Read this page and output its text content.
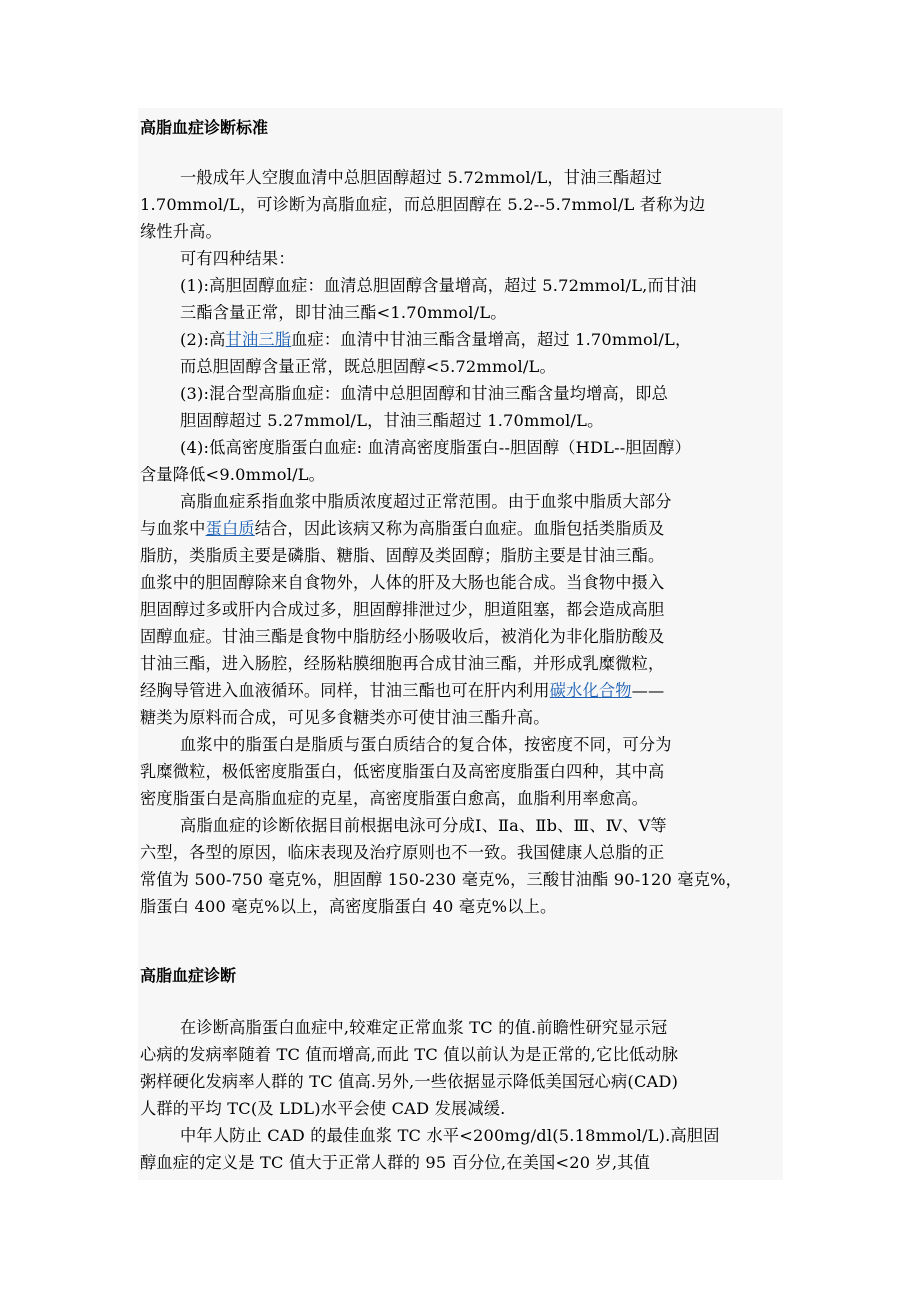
高脂血症诊断标准

一般成年人空腹血清中总胆固醇超过 5.72mmol/L，甘油三酯超过

1.70mmol/L，可诊断为高脂血症，而总胆固醇在 5.2--5.7mmol/L 者称为边

缘性升高。

可有四种结果：

(1):高胆固醇血症：血清总胆固醇含量增高，超过 5.72mmol/L,而甘油

三酯含量正常，即甘油三酯<1.70mmol/L。

(2):高甘油三脂血症：血清中甘油三酯含量增高，超过 1.70mmol/L，

而总胆固醇含量正常，既总胆固醇<5.72mmol/L。

(3):混合型高脂血症：血清中总胆固醇和甘油三酯含量均增高，即总

胆固醇超过 5.27mmol/L，甘油三酯超过 1.70mmol/L。

(4):低高密度脂蛋白血症: 血清高密度脂蛋白--胆固醇（HDL--胆固醇）

含量降低<9.0mmol/L。

高脂血症系指血浆中脂质浓度超过正常范围。由于血浆中脂质大部分

与血浆中蛋白质结合，因此该病又称为高脂蛋白血症。血脂包括类脂质及

脂肪，类脂质主要是磷脂、糖脂、固醇及类固醇；脂肪主要是甘油三酯。

血浆中的胆固醇除来自食物外，人体的肝及大肠也能合成。当食物中摄入

胆固醇过多或肝内合成过多，胆固醇排泄过少，胆道阻塞，都会造成高胆

固醇血症。甘油三酯是食物中脂肪经小肠吸收后，被消化为非化脂肪酸及

甘油三酯，进入肠腔，经肠粘膜细胞再合成甘油三酯，并形成乳糜微粒，

经胸导管进入血液循环。同样，甘油三酯也可在肝内利用碳水化合物——

糖类为原料而合成，可见多食糖类亦可使甘油三酯升高。

血浆中的脂蛋白是脂质与蛋白质结合的复合体，按密度不同，可分为

乳糜微粒，极低密度脂蛋白，低密度脂蛋白及高密度脂蛋白四种，其中高

密度脂蛋白是高脂血症的克星，高密度脂蛋白愈高，血脂利用率愈高。

高脂血症的诊断依据目前根据电泳可分成Ⅰ、Ⅱa、Ⅱb、Ⅲ、Ⅳ、Ⅴ等

六型，各型的原因，临床表现及治疗原则也不一致。我国健康人总脂的正

常值为 500-750 毫克%，胆固醇 150-230 毫克%，三酸甘油酯 90-120 毫克%，

脂蛋白 400 毫克%以上，高密度脂蛋白 40 毫克%以上。

高脂血症诊断

在诊断高脂蛋白血症中,较难定正常血浆 TC 的值.前瞻性研究显示冠

心病的发病率随着 TC 值而增高,而此 TC 值以前认为是正常的,它比低动脉

粥样硬化发病率人群的 TC 值高.另外,一些依据显示降低美国冠心病(CAD)

人群的平均 TC(及 LDL)水平会使 CAD 发展减缓.

中年人防止 CAD 的最佳血浆 TC 水平<200mg/dl(5.18mmol/L).高胆固

醇血症的定义是 TC 值大于正常人群的 95 百分位,在美国<20 岁,其值
